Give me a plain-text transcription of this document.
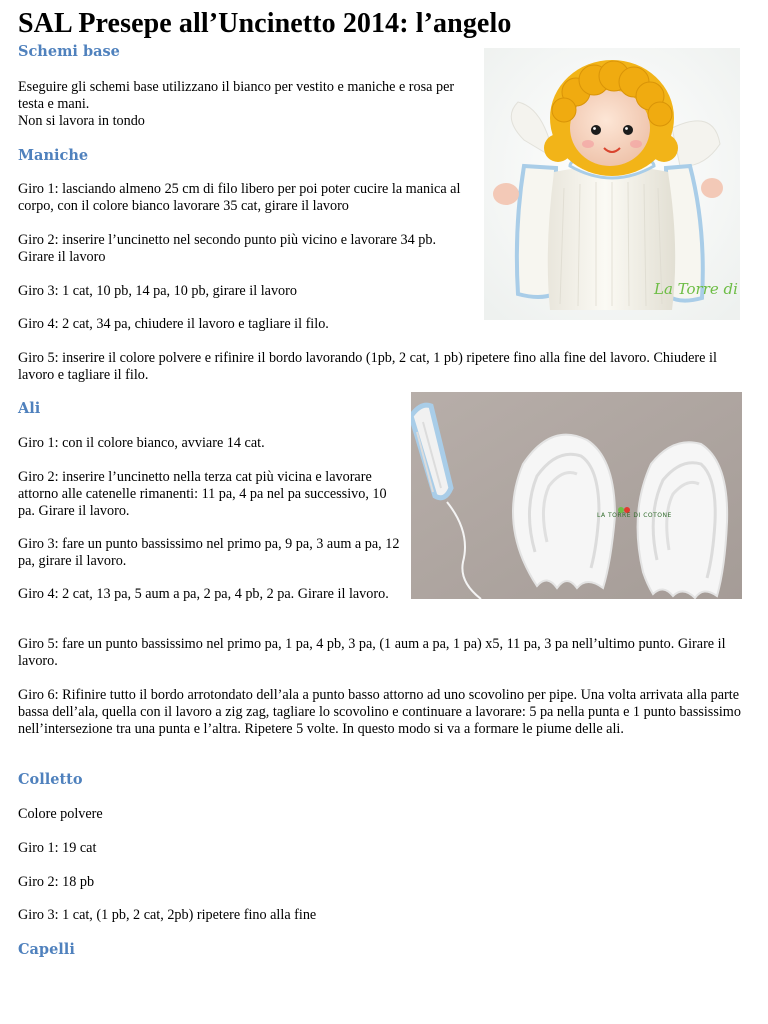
SAL Presepe all’Uncinetto 2014: l’angelo
Schemi base
Eseguire gli schemi base utilizzano il bianco per vestito e maniche e rosa per testa e mani.
Non si lavora in tondo
Maniche
Giro 1: lasciando almeno 25 cm di filo libero per poi poter cucire la manica al corpo, con il colore bianco lavorare 35 cat, girare il lavoro
Giro 2: inserire l’uncinetto nel secondo punto più vicino e lavorare 34 pb. Girare il lavoro
Giro 3: 1 cat, 10 pb, 14 pa, 10 pb, girare il lavoro
Giro 4: 2 cat, 34 pa, chiudere il lavoro e tagliare il filo.
Giro 5: inserire il colore polvere e rifinire il bordo lavorando (1pb, 2 cat, 1 pb) ripetere fino alla fine del lavoro. Chiudere il lavoro e tagliare il filo.
Ali
Giro 1: con il colore bianco, avviare 14 cat.
Giro 2: inserire l’uncinetto nella terza cat più vicina e lavorare attorno alle catenelle rimanenti: 11 pa, 4 pa nel pa successivo, 10 pa. Girare il lavoro.
Giro 3: fare un punto bassissimo nel primo pa, 9 pa, 3 aum a pa, 12 pa, girare il lavoro.
Giro 4: 2 cat, 13 pa, 5 aum a pa, 2 pa, 4 pb, 2 pa. Girare il lavoro.
Giro 5: fare un punto bassissimo nel primo pa, 1 pa, 4 pb, 3 pa, (1 aum a pa, 1 pa) x5, 11 pa, 3 pa nell’ultimo punto. Girare il lavoro.
Giro 6: Rifinire tutto il bordo arrotondato dell’ala a punto basso attorno ad uno scovolino per pipe. Una volta arrivata alla parte bassa dell’ala, quella con il lavoro a zig zag, tagliare lo scovolino e continuare a lavorare: 5 pa nella punta e 1 punto bassissimo nell’intersezione tra una punta e l’altra. Ripetere 5 volte. In questo modo si va a formare le piume delle ali.
Colletto
Colore polvere
Giro 1: 19 cat
Giro 2: 18 pb
Giro 3: 1 cat, (1 pb, 2 cat, 2pb) ripetere fino alla fine
Capelli
La Torre di
LA TORRE DI COTONE
